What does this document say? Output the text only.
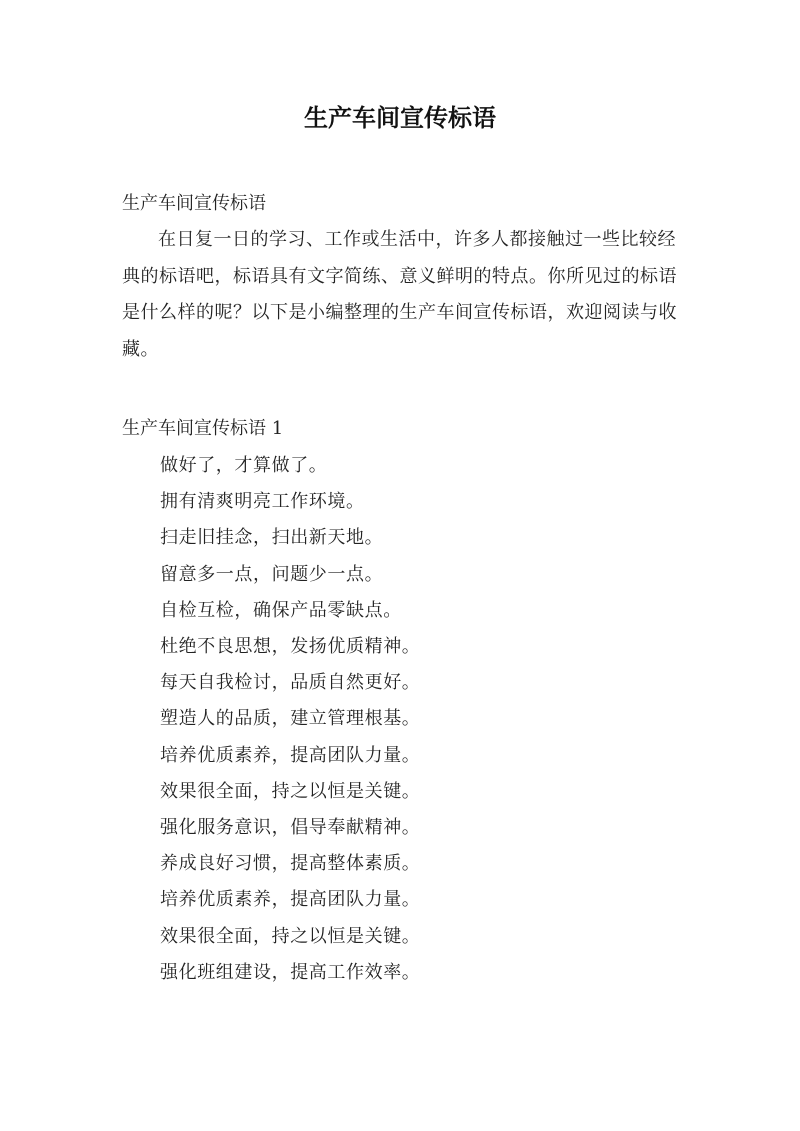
生产车间宣传标语
生产车间宣传标语
在日复一日的学习、工作或生活中，许多人都接触过一些比较经典的标语吧，标语具有文字简练、意义鲜明的特点。你所见过的标语是什么样的呢？以下是小编整理的生产车间宣传标语，欢迎阅读与收藏。
生产车间宣传标语 1
做好了，才算做了。
拥有清爽明亮工作环境。
扫走旧挂念，扫出新天地。
留意多一点，问题少一点。
自检互检，确保产品零缺点。
杜绝不良思想，发扬优质精神。
每天自我检讨，品质自然更好。
塑造人的品质，建立管理根基。
培养优质素养，提高团队力量。
效果很全面，持之以恒是关键。
强化服务意识，倡导奉献精神。
养成良好习惯，提高整体素质。
培养优质素养，提高团队力量。
效果很全面，持之以恒是关键。
强化班组建设，提高工作效率。
